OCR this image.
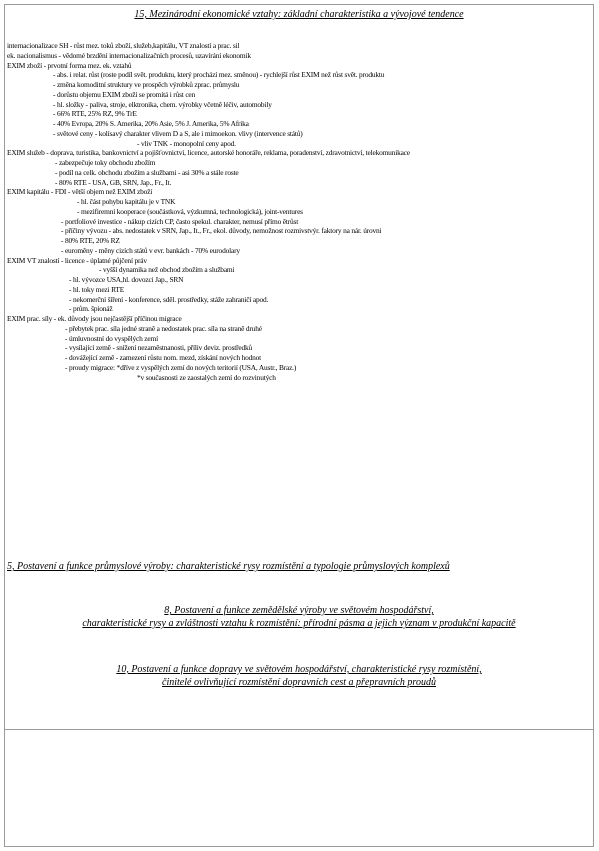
15, Mezinárodní ekonomické vztahy: základní charakteristika a vývojové tendence
internacionalizace SH - růst mez. toků zboží, služeb,kapitálu, VT znalostí a prac. sil
ek. nacionalismus - vědomé brzdění internacionalizačních procesů, uzavírání ekonomik
EXIM zboží - prvotní forma mez. ek. vztahů
- abs. i relat. růst (roste podíl svět. produktu, který prochází mez. směnou) - rychlejší růst EXIM než růst svět. produktu
- změna komoditní struktury ve prospěch výrobků zprac. průmyslu
- dorůstu objemu EXIM zboží se promítá i růst cen
- hl. složky - paliva, stroje, elktronika, chem. výrobky včetně léčiv, automobily
- 66% RTE, 25% RZ, 9% TrE
- 40% Evropa, 20% S. Amerika, 20% Asie, 5% J. Amerika, 5% Afrika
- světové ceny - kolísavý charakter vlivem D a S, ale i mimoekon. vlivy (intervence států)
- vliv TNK - monopolní ceny apod.
EXIM služeb - doprava, turistika, bankovnictví a pojišťovnictví, licence, autorské honoráře, reklama, poradenství, zdravotnictví, telekomunikace
- zabezpečuje toky obchodu zbožím
- podíl na celk. obchodu zbožím a službami - asi 30% a stále roste
- 80% RTE - USA, GB, SRN, Jap., Fr., It.
EXIM kapitálu - FDI - větší objem než EXIM zboží
- hl. část pohybu kapitálu je v TNK
- mezifiremní kooperace (součástková, výzkumná, technologická), joint-ventures
- portfoliové investice - nákup cizích CP, často spekul. charakter, nemusí přímo ětrůst
- příčiny vývozu - abs. nedostatek v SRN, Jap., It., Fr., ekol. důvody, nemožnost rozmivstvýr. faktory na nár. úrovni
- 80% RTE, 20% RZ
- euroměny - měny cizích států v evr. bankách - 70% eurodolary
EXIM VT znalostí - licence - úplatné půjčení práv
- vyšší dynamika než obchod zbožím a službami
- hl. vývozce USA,hl. dovozci Jap., SRN
- hl. toky mezi RTE
- nekomerční šíření - konference, sděl. prostředky, stáže zahraničí apod.
- prům. špionáž
EXIM prac. síly - ek. důvody jsou nejčastější příčinou migrace
- přebytek prac. síla jedné straně a nedostatek prac. síla na straně druhé
- úmluvnostní do vyspělých zemí
- vysílající země - snížení nezaměstnanosti, příliv deviz. prostředků
- dovážející země - zamezení růstu nom. mezd, získání nových hodnot
- proudy migrace: *dříve z vyspělých zemí do nových teritorií (USA, Austr., Braz.)
*v současnosti ze zaostalých zemí do rozvinutých
5, Postavení a funkce průmyslové výroby: charakteristické rysy rozmístění a typologie průmyslových komplexů
8, Postavení a funkce zemědělské výroby ve světovém hospodářství,
charakteristické rysy a zvláštnosti vztahu k rozmístění: přírodní pásma a jejich význam v produkční kapacitě
10, Postavení a funkce dopravy ve světovém hospodářství, charakteristické rysy rozmístění,
činitelé ovlivňující rozmístění dopravních cest a přepravních proudů
